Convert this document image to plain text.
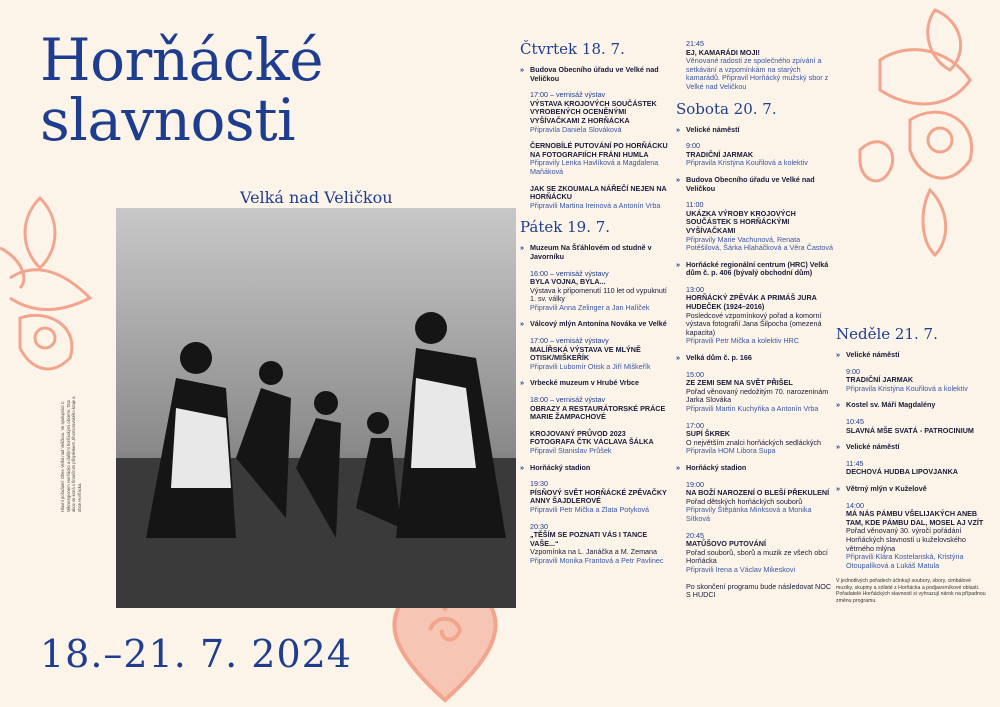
Horňácké slavnosti
Velká nad Veličkou
Hlavní pořadatel: Obec Velká nad Veličkou. Ve spolupráci s: Mikroregionem Horňácko a dalšími horňáckými obcemi. Tato akce se koná s finančním příspěvkem Jihomoravského kraje a obce Horňácka.
18.–21. 7. 2024
Čtvrtek 18. 7.
» Budova Obecního úřadu ve Velké nad Veličkou
17:00 – vernisáž výstav
VÝSTAVA KROJOVÝCH SOUČÁSTEK VYROBENÝCH OCENĚNÝMI VYŠÍVAČKAMI Z HORŇÁCKA
Připravila Daniela Slováková
ČERNOBÍLÉ PUTOVÁNÍ PO HORŇÁCKU NA FOTOGRAFIÍCH FRÁNI HUMLA
Připravily Lenka Havlíková a Magdalena Maňáková
JAK SE ZKOUMALA NÁŘEČÍ NEJEN NA HORŇÁCKU
Připravili Martina Ireinová a Antonín Vrba
Pátek 19. 7.
» Muzeum Na Šťáhlovém od studně v Javorníku
16:00 – vernisáž výstavy
BYLA VOJNA, BYLA...
Výstava k připomenutí 110 let od vypuknutí 1. sv. války
Připravili Anna Zelinger a Jan Halíček
» Válcový mlýn Antonína Nováka ve Velké
17:00 – vernisáž výstavy
MALÍŘSKÁ VÝSTAVA VE MLÝNĚ OTISK/MIŠKEŘÍK
Připravili Lubomír Otisk a Jiří Miškeřík
» Vrbecké muzeum v Hrubé Vrbce
18:00 – vernisáž výstav
OBRAZY A RESTAURÁTORSKÉ PRÁCE MARIE ŽAMPACHOVÉ
KROJOVANÝ PRŮVOD 2023 FOTOGRAFA ČTK VÁCLAVA ŠÁLKA
Připravil Stanislav Průšek
» Horňácký stadion
19:30
PÍSŇOVÝ SVĚT HORŇÁCKÉ ZPĚVAČKY ANNY ŠAJDLEROVÉ
Připravili Petr Mička a Zlata Potyková
20:30
„TĚŠÍM SE POZNATI VÁS I TANCE VAŠE...“
Vzpomínka na L. Janáčka a M. Zemana
Připravili Monika Frantová a Petr Pavlinec
21:45
EJ, KAMARÁDI MOJI!
Věnované radosti ze společného zpívání a setkávání a vzpomínkám na starých kamarádů. Připravil Horňácký mužský sbor z Velké nad Veličkou
Sobota 20. 7.
» Velické náměstí
9:00
TRADIČNÍ JARMAK
Připravila Kristýna Kouřilová a kolektiv
» Budova Obecního úřadu ve Velké nad Veličkou
11:00
UKÁZKA VÝROBY KROJOVÝCH SOUČÁSTEK S HORŇÁCKÝMI VYŠÍVAČKAMI
Připravily Marie Vachunová, Renata Potěšilová, Šárka Hlaháčková a Věra Častová
» Horňácké regionální centrum (HRC) Velká dům č. p. 406 (bývalý obchodní dům)
13:00
HORŇÁCKÝ ZPĚVÁK A PRIMÁŠ JURA HUDEČEK (1924–2016)
Posledcové vzpomínkový pořad a komorní výstava fotografií Jana Šilpocha (omezená kapacita)
Připravili Petr Mička a kolektiv HRC
» Velká dům č. p. 166
15:00
ZE ZEMI SEM NA SVĚT PŘIŠEL
Pořad věnovaný nedožitým 70. narozeninám Jarka Slováka
Připravili Martin Kuchyňka a Antonín Vrba
17:00
SUPÍ ŠKREK
O největším znalci horňáckých sedláckých
Připravila HOM Libora Supa
» Horňácký stadion
19:00
NA BOŽÍ NAROZENÍ O BLEŠÍ PŘEKULENÍ
Pořad dětských horňáckých souborů
Připravily Štěpánka Minksová a Monika Sítková
20:45
MATŮŠOVO PUTOVÁNÍ
Pořad souborů, sborů a muzik ze všech obcí Horňácka
Připravili Irena a Václav Mikeskovi
Po skončení programu bude následovat NOC S HUDCI
Neděle 21. 7.
» Velické náměstí
9:00
TRADIČNÍ JARMAK
Připravila Kristýna Kouřilová a kolektiv
» Kostel sv. Máří Magdalény
10:45
SLAVNÁ MŠE SVATÁ - PATROCINIUM
» Velické náměstí
11:45
DECHOVÁ HUDBA LIPOVJANKA
» Větrný mlýn v Kuželově
14:00
MÁ NÁS PÁMBU VŠELIJAKÝCH ANEB TAM, KDE PÁMBU DAL, MOSEL AJ VZÍT
Pořad věnovaný 30. výročí pořádání Horňáckých slavností u kuželovského větrného mlýna
Připravili Klára Kostelanská, Kristýna Otoupalíková a Lukáš Matula
V jednotlivých pořadech účinkují soubory, sbory, cimbálové muziky, skupiny a sólisté z Horňácka a podjavorníkové oblasti. Pořadatelé Horňáckých slavností si vyhrazují nárok na případnou změnu programu.
